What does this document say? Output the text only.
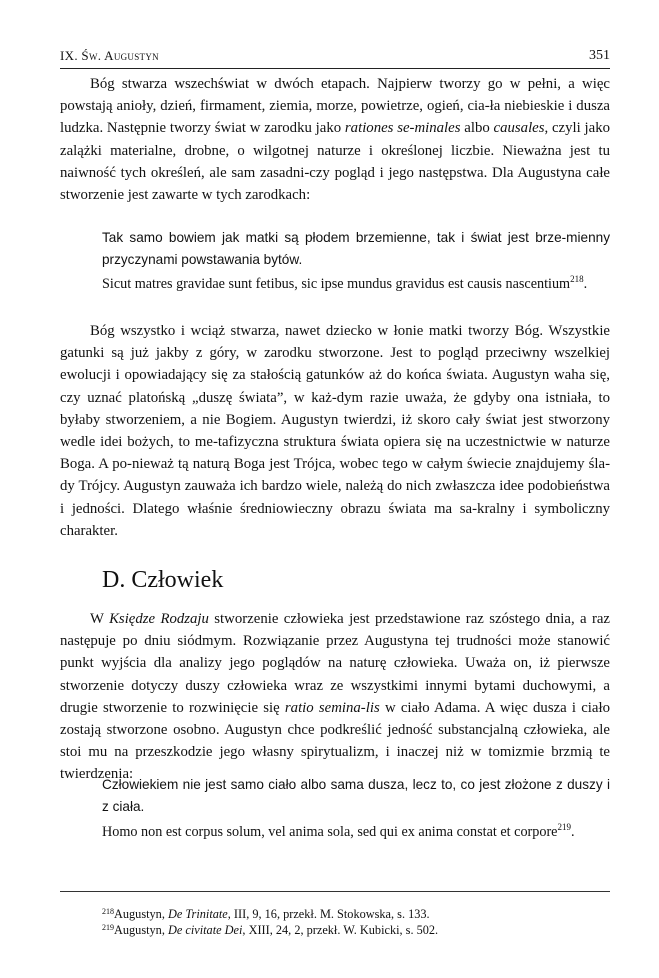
IX. Św. Augustyn	351
Bóg stwarza wszechświat w dwóch etapach. Najpierw tworzy go w pełni, a więc powstają anioły, dzień, firmament, ziemia, morze, powietrze, ogień, cia-ła niebieskie i dusza ludzka. Następnie tworzy świat w zarodku jako rationes se-minales albo causales, czyli jako zalążki materialne, drobne, o wilgotnej naturze i określonej liczbie. Nieważna jest tu naiwność tych określeń, ale sam zasadni-czy pogląd i jego następstwa. Dla Augustyna całe stworzenie jest zawarte w tych zarodkach:
Tak samo bowiem jak matki są płodem brzemienne, tak i świat jest brze-mienny przyczynami powstawania bytów.
Sicut matres gravidae sunt fetibus, sic ipse mundus gravidus est causis nascentium$^{218}$.
Bóg wszystko i wciąż stwarza, nawet dziecko w łonie matki tworzy Bóg. Wszystkie gatunki są już jakby z góry, w zarodku stworzone. Jest to pogląd przeciwny wszelkiej ewolucji i opowiadający się za stałością gatunków aż do końca świata. Augustyn waha się, czy uznać platońską „duszę świata”, w każ-dym razie uważa, że gdyby ona istniała, to byłaby stworzeniem, a nie Bogiem. Augustyn twierdzi, iż skoro cały świat jest stworzony wedle idei bożych, to me-tafizyczna struktura świata opiera się na uczestnictwie w naturze Boga. A po-nieważ tą naturą Boga jest Trójca, wobec tego w całym świecie znajdujemy śla-dy Trójcy. Augustyn zauważa ich bardzo wiele, należą do nich zwłaszcza idee podobieństwa i jedności. Dlatego właśnie średniowieczny obrazu świata ma sa-kralny i symboliczny charakter.
D. Człowiek
W Księdze Rodzaju stworzenie człowieka jest przedstawione raz szóstego dnia, a raz następuje po dniu siódmym. Rozwiązanie przez Augustyna tej trudności może stanowić punkt wyjścia dla analizy jego poglądów na naturę człowieka. Uważa on, iż pierwsze stworzenie dotyczy duszy człowieka wraz ze wszystkimi innymi bytami duchowymi, a drugie stworzenie to rozwinięcie się ratio semina-lis w ciało Adama. A więc dusza i ciało zostają stworzone osobno. Augustyn chce podkreślić jedność substancjalną człowieka, ale stoi mu na przeszkodzie jego własny spirytualizm, i inaczej niż w tomizmie brzmią te twierdzenia:
Człowiekiem nie jest samo ciało albo sama dusza, lecz to, co jest złożone z duszy i z ciała.
Homo non est corpus solum, vel anima sola, sed qui ex anima constat et corpore$^{219}$.
$^{218}$Augustyn, De Trinitate, III, 9, 16, przekł. M. Stokowska, s. 133.
$^{219}$Augustyn, De civitate Dei, XIII, 24, 2, przekł. W. Kubicki, s. 502.
